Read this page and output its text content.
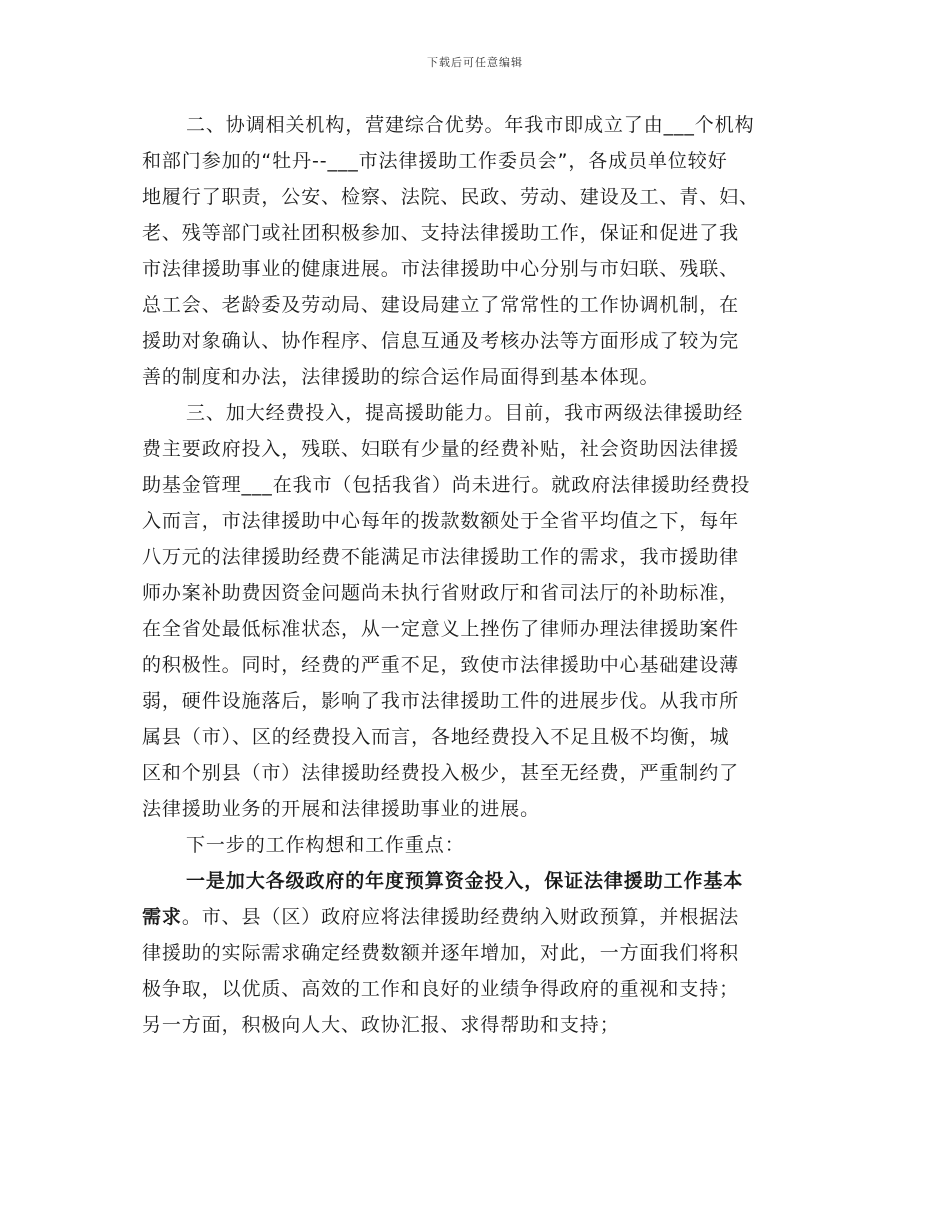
下载后可任意编辑
二、协调相关机构，营建综合优势。年我市即成立了由___个机构
和部门参加的“牡丹--___市法律援助工作委员会”，各成员单位较好
地履行了职责，公安、检察、法院、民政、劳动、建设及工、青、妇、
老、残等部门或社团积极参加、支持法律援助工作，保证和促进了我
市法律援助事业的健康进展。市法律援助中心分别与市妇联、残联、
总工会、老龄委及劳动局、建设局建立了常常性的工作协调机制，在
援助对象确认、协作程序、信息互通及考核办法等方面形成了较为完
善的制度和办法，法律援助的综合运作局面得到基本体现。
三、加大经费投入，提高援助能力。目前，我市两级法律援助经
费主要政府投入，残联、妇联有少量的经费补贴，社会资助因法律援
助基金管理___在我市（包括我省）尚未进行。就政府法律援助经费投
入而言，市法律援助中心每年的拨款数额处于全省平均值之下，每年
八万元的法律援助经费不能满足市法律援助工作的需求，我市援助律
师办案补助费因资金问题尚未执行省财政厅和省司法厅的补助标准，
在全省处最低标准状态，从一定意义上挫伤了律师办理法律援助案件
的积极性。同时，经费的严重不足，致使市法律援助中心基础建设薄
弱，硬件设施落后，影响了我市法律援助工件的进展步伐。从我市所
属县（市）、区的经费投入而言，各地经费投入不足且极不均衡，城
区和个别县（市）法律援助经费投入极少，甚至无经费，严重制约了
法律援助业务的开展和法律援助事业的进展。
下一步的工作构想和工作重点：
一是加大各级政府的年度预算资金投入，保证法律援助工作基本
需求。市、县（区）政府应将法律援助经费纳入财政预算，并根据法
律援助的实际需求确定经费数额并逐年增加，对此，一方面我们将积
极争取，以优质、高效的工作和良好的业绩争得政府的重视和支持；
另一方面，积极向人大、政协汇报、求得帮助和支持；
